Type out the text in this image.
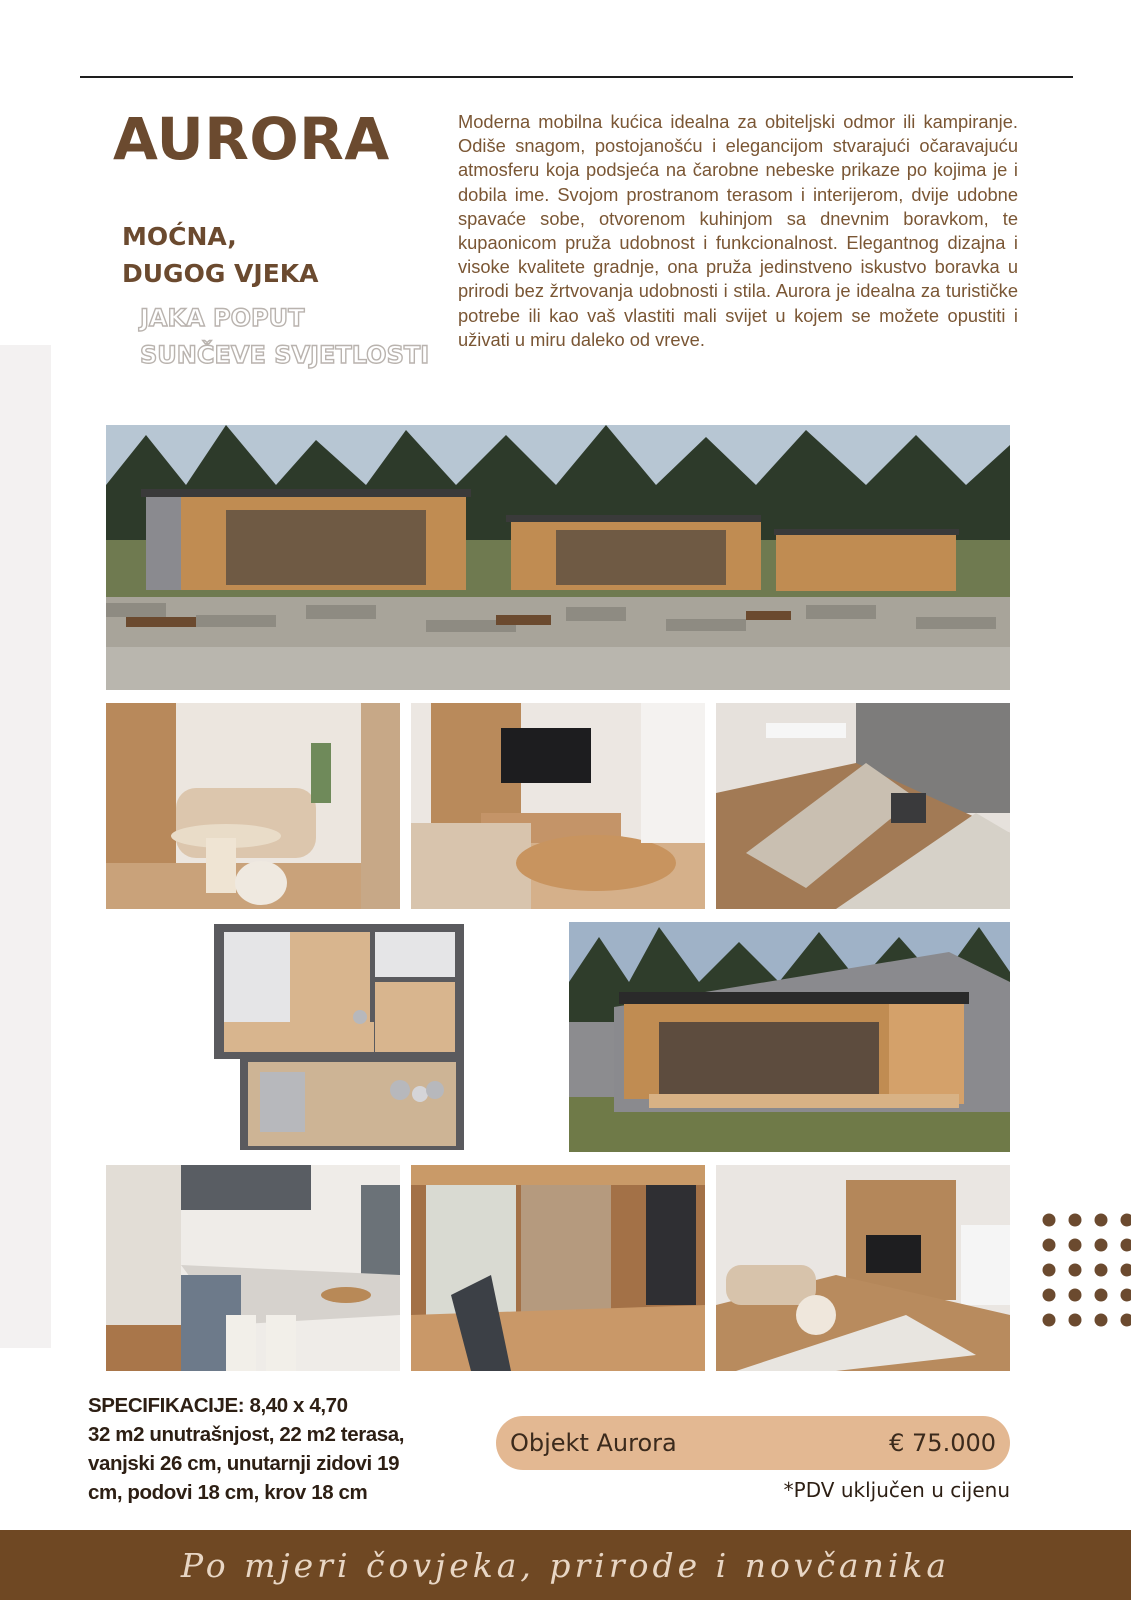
AURORA
MOĆNA,
DUGOG VJEKA
JAKA POPUT
SUNČEVE SVJETLOSTI
Moderna mobilna kućica idealna za obiteljski odmor ili kampiranje. Odiše snagom, postojanošću i elegancijom stvarajući očaravajuću atmosferu koja podsjeća na čarobne nebeske prikaze po kojima je i dobila ime. Svojom prostranom terasom i interijerom, dvije udobne spavaće sobe, otvorenom kuhinjom sa dnevnim boravkom, te kupaonicom pruža udobnost i funkcionalnost. Elegantnog dizajna i visoke kvalitete gradnje, ona pruža jedinstveno iskustvo boravka u prirodi bez žrtvovanja udobnosti i stila. Aurora je idealna za turističke potrebe ili kao vaš vlastiti mali svijet u kojem se možete opustiti i uživati u miru daleko od vreve.
SPECIFIKACIJE: 8,40 x 4,70
32 m2 unutrašnjost, 22 m2 terasa,
vanjski 26 cm, unutarnji zidovi 19
cm, podovi 18 cm, krov 18 cm
Objekt Aurora	€ 75.000
*PDV uključen u cijenu
Po mjeri čovjeka, prirode i novčanika
